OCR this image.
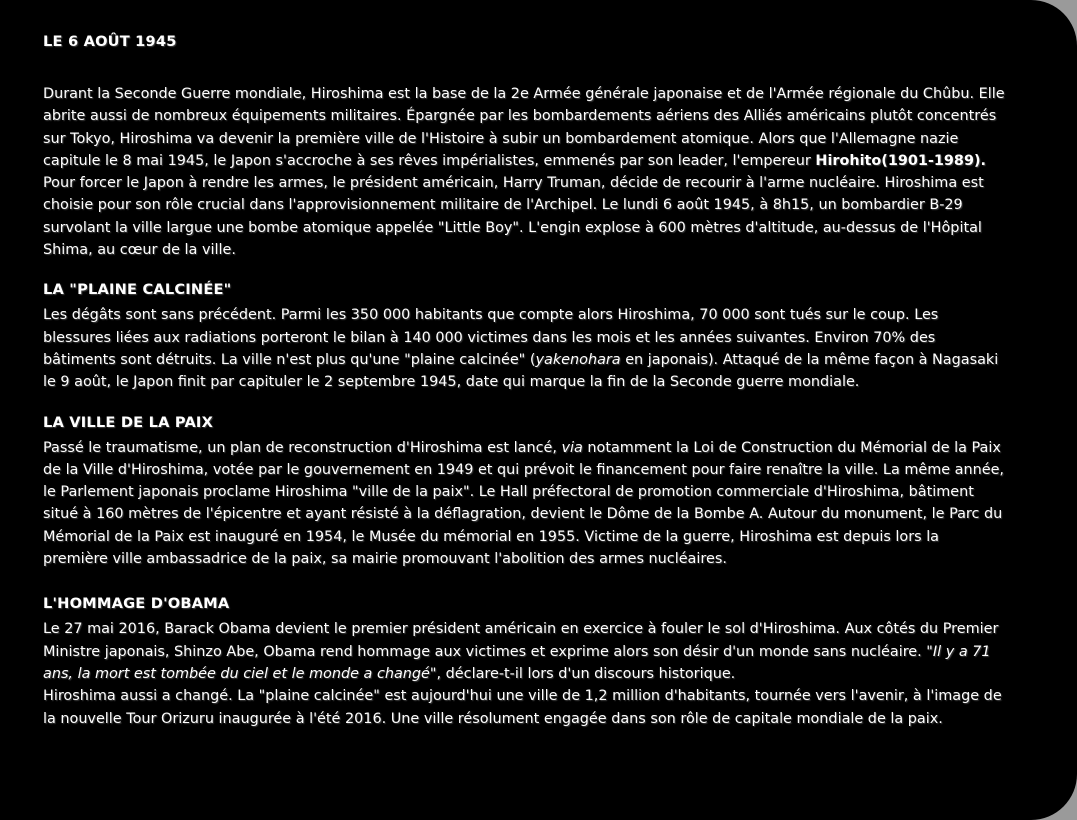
LE 6 AOÛT 1945

Durant la Seconde Guerre mondiale, Hiroshima est la base de la 2e Armée générale japonaise et de l'Armée régionale du Chûbu. Elle abrite aussi de nombreux équipements militaires. Épargnée par les bombardements aériens des Alliés américains plutôt concentrés sur Tokyo, Hiroshima va devenir la première ville de l'Histoire à subir un bombardement atomique. Alors que l'Allemagne nazie capitule le 8 mai 1945, le Japon s'accroche à ses rêves impérialistes, emmenés par son leader, l'empereur Hirohito(1901-1989). Pour forcer le Japon à rendre les armes, le président américain, Harry Truman, décide de recourir à l'arme nucléaire. Hiroshima est choisie pour son rôle crucial dans l'approvisionnement militaire de l'Archipel. Le lundi 6 août 1945, à 8h15, un bombardier B-29 survolant la ville largue une bombe atomique appelée "Little Boy". L'engin explose à 600 mètres d'altitude, au-dessus de l'Hôpital Shima, au cœur de la ville.

LA "PLAINE CALCINÉE"

Les dégâts sont sans précédent. Parmi les 350 000 habitants que compte alors Hiroshima, 70 000 sont tués sur le coup. Les blessures liées aux radiations porteront le bilan à 140 000 victimes dans les mois et les années suivantes. Environ 70% des bâtiments sont détruits. La ville n'est plus qu'une "plaine calcinée" (yakenohara en japonais). Attaqué de la même façon à Nagasaki le 9 août, le Japon finit par capituler le 2 septembre 1945, date qui marque la fin de la Seconde guerre mondiale.

LA VILLE DE LA PAIX

Passé le traumatisme, un plan de reconstruction d'Hiroshima est lancé, via notamment la Loi de Construction du Mémorial de la Paix de la Ville d'Hiroshima, votée par le gouvernement en 1949 et qui prévoit le financement pour faire renaître la ville. La même année, le Parlement japonais proclame Hiroshima "ville de la paix". Le Hall préfectoral de promotion commerciale d'Hiroshima, bâtiment situé à 160 mètres de l'épicentre et ayant résisté à la déflagration, devient le Dôme de la Bombe A. Autour du monument, le Parc du Mémorial de la Paix est inauguré en 1954, le Musée du mémorial en 1955. Victime de la guerre, Hiroshima est depuis lors la première ville ambassadrice de la paix, sa mairie promouvant l'abolition des armes nucléaires.

L'HOMMAGE D'OBAMA

Le 27 mai 2016, Barack Obama devient le premier président américain en exercice à fouler le sol d'Hiroshima. Aux côtés du Premier Ministre japonais, Shinzo Abe, Obama rend hommage aux victimes et exprime alors son désir d'un monde sans nucléaire. "Il y a 71 ans, la mort est tombée du ciel et le monde a changé", déclare-t-il lors d'un discours historique.
Hiroshima aussi a changé. La "plaine calcinée" est aujourd'hui une ville de 1,2 million d'habitants, tournée vers l'avenir, à l'image de la nouvelle Tour Orizuru inaugurée à l'été 2016. Une ville résolument engagée dans son rôle de capitale mondiale de la paix.
